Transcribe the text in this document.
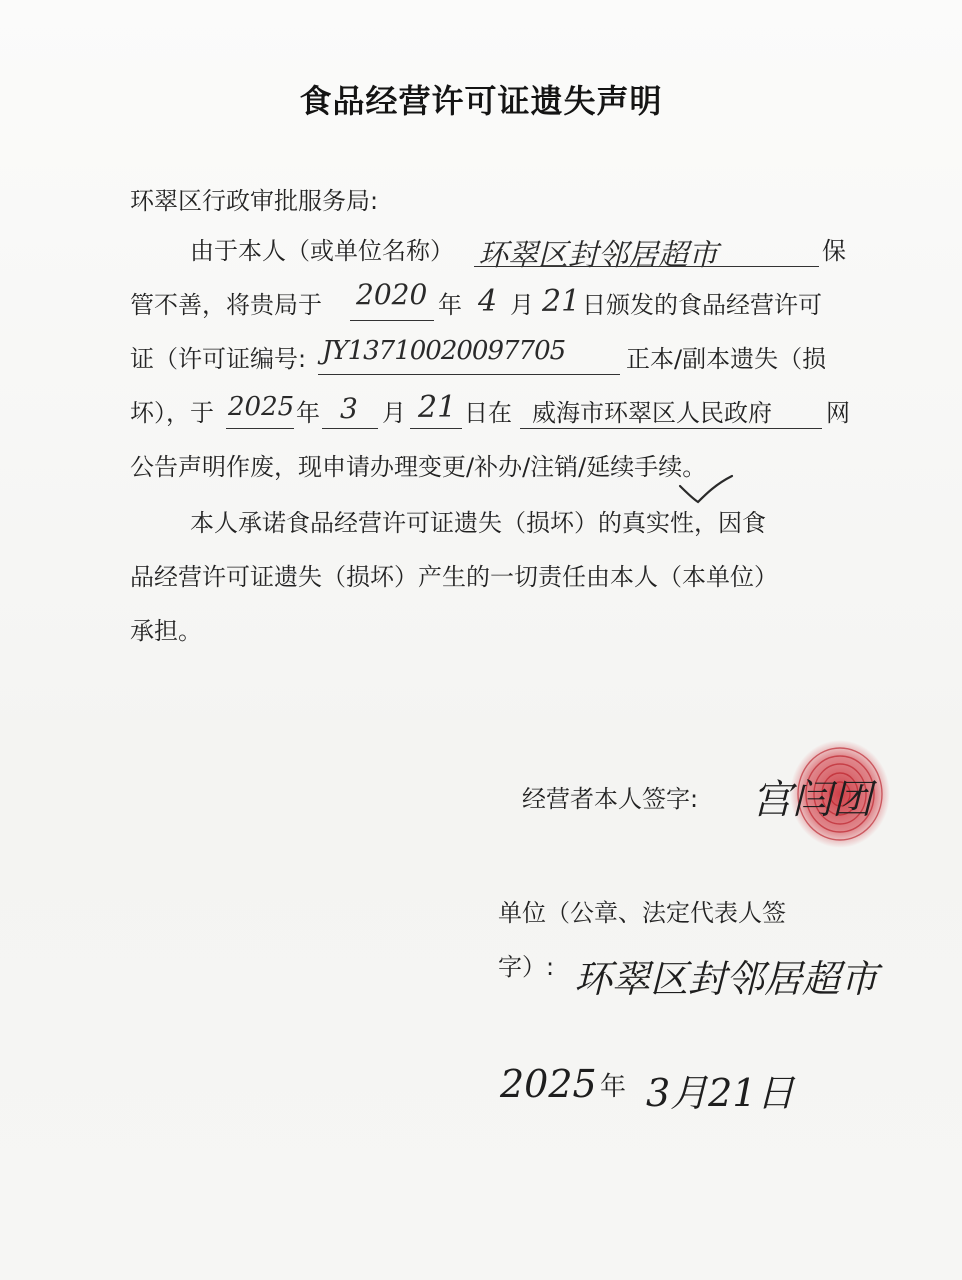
食品经营许可证遗失声明
环翠区行政审批服务局:
由于本人（或单位名称） 环翠区封邻居超市	保
管不善，将贵局于 2020 年 4 月 21 日颁发的食品经营许可
证（许可证编号: JY13710020097705	正本/副本遗失（损
坏），于 2025 年 3 月 21 日在 威海市环翠区人民政府 网
公告声明作废，现申请办理变更/补办/注销/延续手续。
本人承诺食品经营许可证遗失（损坏）的真实性，因食
品经营许可证遗失（损坏）产生的一切责任由本人（本单位）
承担。
经营者本人签字: 宫闫团
单位（公章、法定代表人签
字）: 环翠区封邻居超市
2025 年 3月21日
